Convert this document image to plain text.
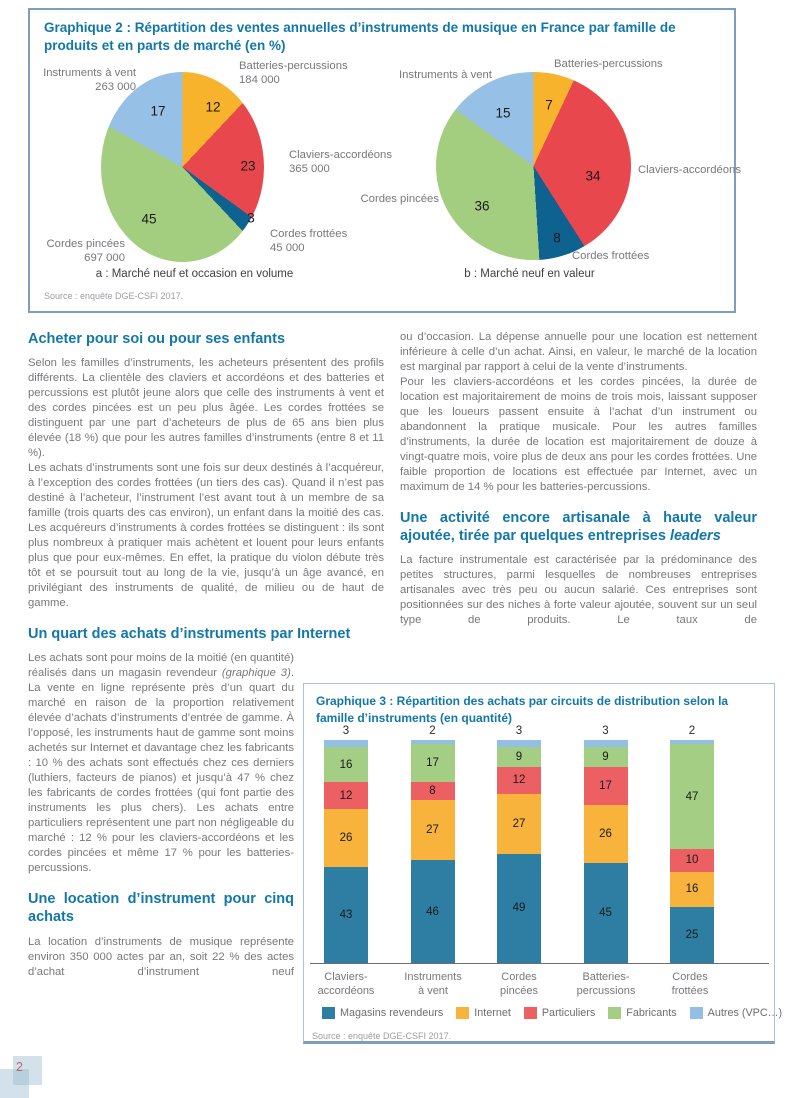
Graphique 2 : Répartition des ventes annuelles d’instruments de musique en France par famille de produits et en parts de marché (en %)
12
23
3
45
17
Batteries-percussions
184 000
Instruments à vent
263 000
Claviers-accordéons
365 000
Cordes frottées
45 000
Cordes pincées
697 000
a : Marché neuf et occasion en volume
7
34
8
36
15
Batteries-percussions
Instruments à vent
Claviers-accordéons
Cordes pincées
Cordes frottées
b : Marché neuf en valeur
Source : enquête DGE-CSFI 2017.
Acheter pour soi ou pour ses enfants

Selon les familles d’instruments, les acheteurs présentent des profils différents. La clientèle des claviers et accordéons et des batteries et percussions est plutôt jeune alors que celle des instruments à vent et des cordes pincées est un peu plus âgée. Les cordes frottées se distinguent par une part d’acheteurs de plus de 65 ans bien plus élevée (18 %) que pour les autres familles d’instruments (entre 8 et 11 %).

Les achats d’instruments sont une fois sur deux destinés à l’acquéreur, à l’exception des cordes frottées (un tiers des cas). Quand il n’est pas destiné à l’acheteur, l’instrument l’est avant tout à un membre de sa famille (trois quarts des cas environ), un enfant dans la moitié des cas. Les acquéreurs d’instruments à cordes frottées se distinguent : ils sont plus nombreux à pratiquer mais achètent et louent pour leurs enfants plus que pour eux-mêmes. En effet, la pratique du violon débute très tôt et se poursuit tout au long de la vie, jusqu’à un âge avancé, en privilégiant des instruments de qualité, de milieu ou de haut de gamme.

Un quart des achats d’instruments par Internet

Les achats sont pour moins de la moitié (en quantité) réalisés dans un magasin revendeur (graphique 3). La vente en ligne représente près d’un quart du marché en raison de la proportion relativement élevée d’achats d’instruments d’entrée de gamme. À l’opposé, les instruments haut de gamme sont moins achetés sur Internet et davantage chez les fabricants : 10 % des achats sont effectués chez ces derniers (luthiers, facteurs de pianos) et jusqu’à 47 % chez les fabricants de cordes frottées (qui font partie des instruments les plus chers). Les achats entre particuliers représentent une part non négligeable du marché : 12 % pour les claviers-accordéons et les cordes pincées et même 17 % pour les batteries-percussions.

Une location d’instrument pour cinq achats

La location d’instruments de musique représente environ 350 000 actes par an, soit 22 % des actes d’achat d’instrument neuf

ou d’occasion. La dépense annuelle pour une location est nettement inférieure à celle d’un achat. Ainsi, en valeur, le marché de la location est marginal par rapport à celui de la vente d’instruments.

Pour les claviers-accordéons et les cordes pincées, la durée de location est majoritairement de moins de trois mois, laissant supposer que les loueurs passent ensuite à l’achat d’un instrument ou abandonnent la pratique musicale. Pour les autres familles d’instruments, la durée de location est majoritairement de douze à vingt-quatre mois, voire plus de deux ans pour les cordes frottées. Une faible proportion de locations est effectuée par Internet, avec un maximum de 14 % pour les batteries-percussions.

Une activité encore artisanale à haute valeur ajoutée, tirée par quelques entreprises leaders

La facture instrumentale est caractérisée par la prédominance des petites structures, parmi lesquelles de nombreuses entreprises artisanales avec très peu ou aucun salarié. Ces entreprises sont positionnées sur des niches à forte valeur ajoutée, souvent sur un seul type de produits. Le taux de

Graphique 3 : Répartition des achats par circuits de distribution selon la famille d’instruments (en quantité)
3
16
12
26
43
2
17
8
27
46
3
9
12
27
49
3
9
17
26
45
2
47
10
16
25
Claviers-
accordéons
Instruments
à vent
Cordes
pincées
Batteries-
percussions
Cordes
frottées
Magasins revendeurs	Internet	Particuliers	Fabricants	Autres (VPC…)
Source : enquête DGE-CSFI 2017.
2
